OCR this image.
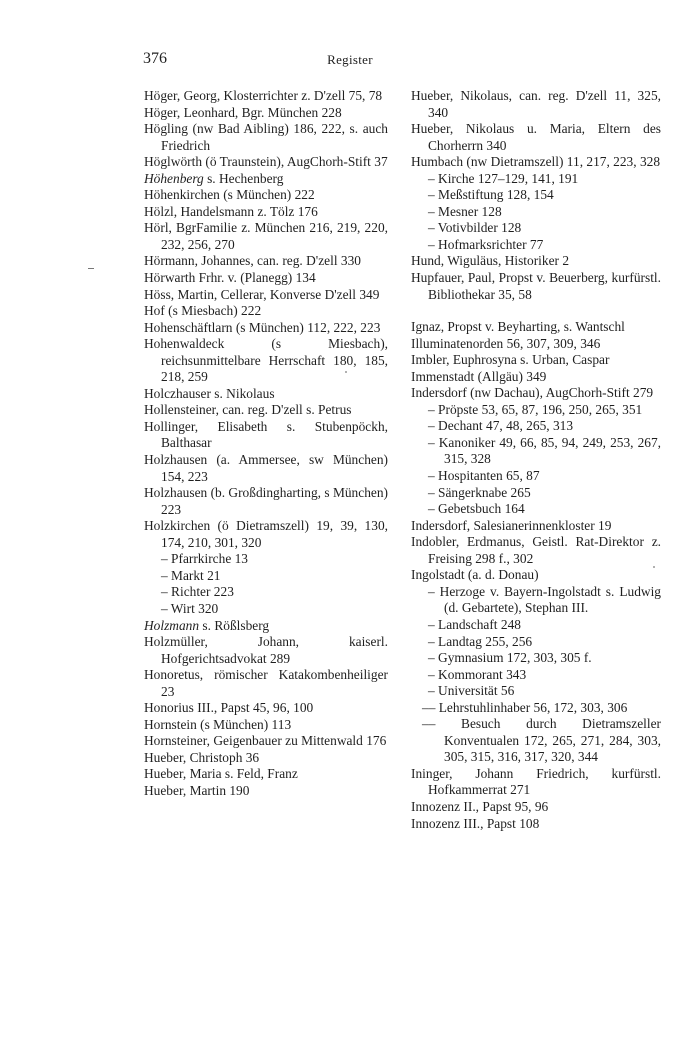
376	Register
Höger, Georg, Klosterrichter z. D'zell 75, 78
Höger, Leonhard, Bgr. München 228
Högling (nw Bad Aibling) 186, 222, s. auch Friedrich
Höglwörth (ö Traunstein), AugChorh-Stift 37
Höhenberg s. Hechenberg
Höhenkirchen (s München) 222
Hölzl, Handelsmann z. Tölz 176
Hörl, BgrFamilie z. München 216, 219, 220, 232, 256, 270
Hörmann, Johannes, can. reg. D'zell 330
Hörwarth Frhr. v. (Planegg) 134
Höss, Martin, Cellerar, Konverse D'zell 349
Hof (s Miesbach) 222
Hohenschäftlarn (s München) 112, 222, 223
Hohenwaldeck (s Miesbach), reichsunmittelbare Herrschaft 180, 185, 218, 259
Holczhauser s. Nikolaus
Hollensteiner, can. reg. D'zell s. Petrus
Hollinger, Elisabeth s. Stubenpöckh, Balthasar
Holzhausen (a. Ammersee, sw München) 154, 223
Holzhausen (b. Großdingharting, s München) 223
Holzkirchen (ö Dietramszell) 19, 39, 130, 174, 210, 301, 320
– Pfarrkirche 13
– Markt 21
– Richter 223
– Wirt 320
Holzmann s. Rößlsberg
Holzmüller, Johann, kaiserl. Hofgerichtsadvokat 289
Honoretus, römischer Katakombenheiliger 23
Honorius III., Papst 45, 96, 100
Hornstein (s München) 113
Hornsteiner, Geigenbauer zu Mittenwald 176
Hueber, Christoph 36
Hueber, Maria s. Feld, Franz
Hueber, Martin 190
Hueber, Nikolaus, can. reg. D'zell 11, 325, 340
Hueber, Nikolaus u. Maria, Eltern des Chorherrn 340
Humbach (nw Dietramszell) 11, 217, 223, 328
– Kirche 127–129, 141, 191
– Meßstiftung 128, 154
– Mesner 128
– Votivbilder 128
– Hofmarksrichter 77
Hund, Wiguläus, Historiker 2
Hupfauer, Paul, Propst v. Beuerberg, kurfürstl. Bibliothekar 35, 58
Ignaz, Propst v. Beyharting, s. Wantschl
Illuminatenorden 56, 307, 309, 346
Imbler, Euphrosyna s. Urban, Caspar
Immenstadt (Allgäu) 349
Indersdorf (nw Dachau), AugChorh-Stift 279
– Pröpste 53, 65, 87, 196, 250, 265, 351
– Dechant 47, 48, 265, 313
– Kanoniker 49, 66, 85, 94, 249, 253, 267, 315, 328
– Hospitanten 65, 87
– Sängerknabe 265
– Gebetsbuch 164
Indersdorf, Salesianerinnenkloster 19
Indobler, Erdmanus, Geistl. Rat-Direktor z. Freising 298 f., 302
Ingolstadt (a. d. Donau)
– Herzoge v. Bayern-Ingolstadt s. Ludwig (d. Gebartete), Stephan III.
– Landschaft 248
– Landtag 255, 256
– Gymnasium 172, 303, 305 f.
– Kommorant 343
– Universität 56
–– Lehrstuhlinhaber 56, 172, 303, 306
–– Besuch durch Dietramszeller Konventualen 172, 265, 271, 284, 303, 305, 315, 316, 317, 320, 344
Ininger, Johann Friedrich, kurfürstl. Hofkammerrat 271
Innozenz II., Papst 95, 96
Innozenz III., Papst 108
